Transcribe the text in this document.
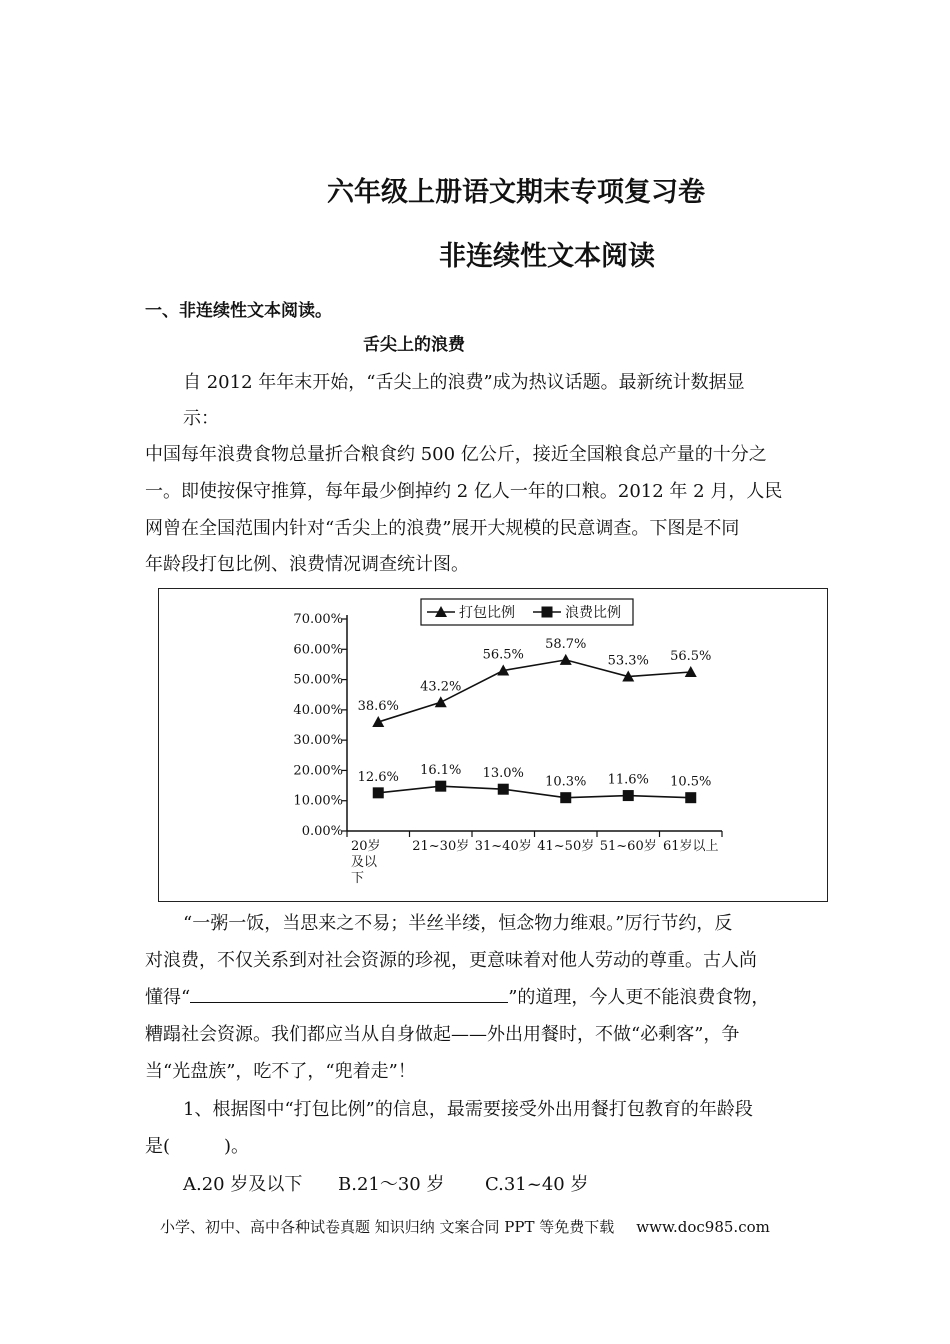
六年级上册语文期末专项复习卷
非连续性文本阅读
一、非连续性文本阅读。
舌尖上的浪费
自 2012 年年末开始，“舌尖上的浪费”成为热议话题。最新统计数据显
示：
中国每年浪费食物总量折合粮食约 500 亿公斤，接近全国粮食总产量的十分之
一。即使按保守推算，每年最少倒掉约 2 亿人一年的口粮。2012 年 2 月，人民
网曾在全国范围内针对“舌尖上的浪费”展开大规模的民意调查。下图是不同
年龄段打包比例、浪费情况调查统计图。
0.00%
10.00%
20.00%
30.00%
40.00%
50.00%
60.00%
70.00%
20岁
及以
下
21~30岁 31~40岁 41~50岁 51~60岁 61岁以上
38.6%
43.2%
56.5%
58.7%
53.3% 56.5%
12.6% 16.1% 13.0%
10.3% 11.6% 10.5%
打包比例	浪费比例
“一粥一饭，当思来之不易；半丝半缕，恒念物力维艰。”厉行节约，反
对浪费，不仅关系到对社会资源的珍视，更意味着对他人劳动的尊重。古人尚
懂得“	”的道理，今人更不能浪费食物，
糟蹋社会资源。我们都应当从自身做起——外出用餐时，不做“必剩客”，争
当“光盘族”，吃不了，“兜着走”！
1、根据图中“打包比例”的信息，最需要接受外出用餐打包教育的年龄段
是(　　　)。
A.20 岁及以下 B.21～30 岁 C.31~40 岁
小学、初中、高中各种试卷真题 知识归纳 文案合同 PPT 等免费下载 www.doc985.com
